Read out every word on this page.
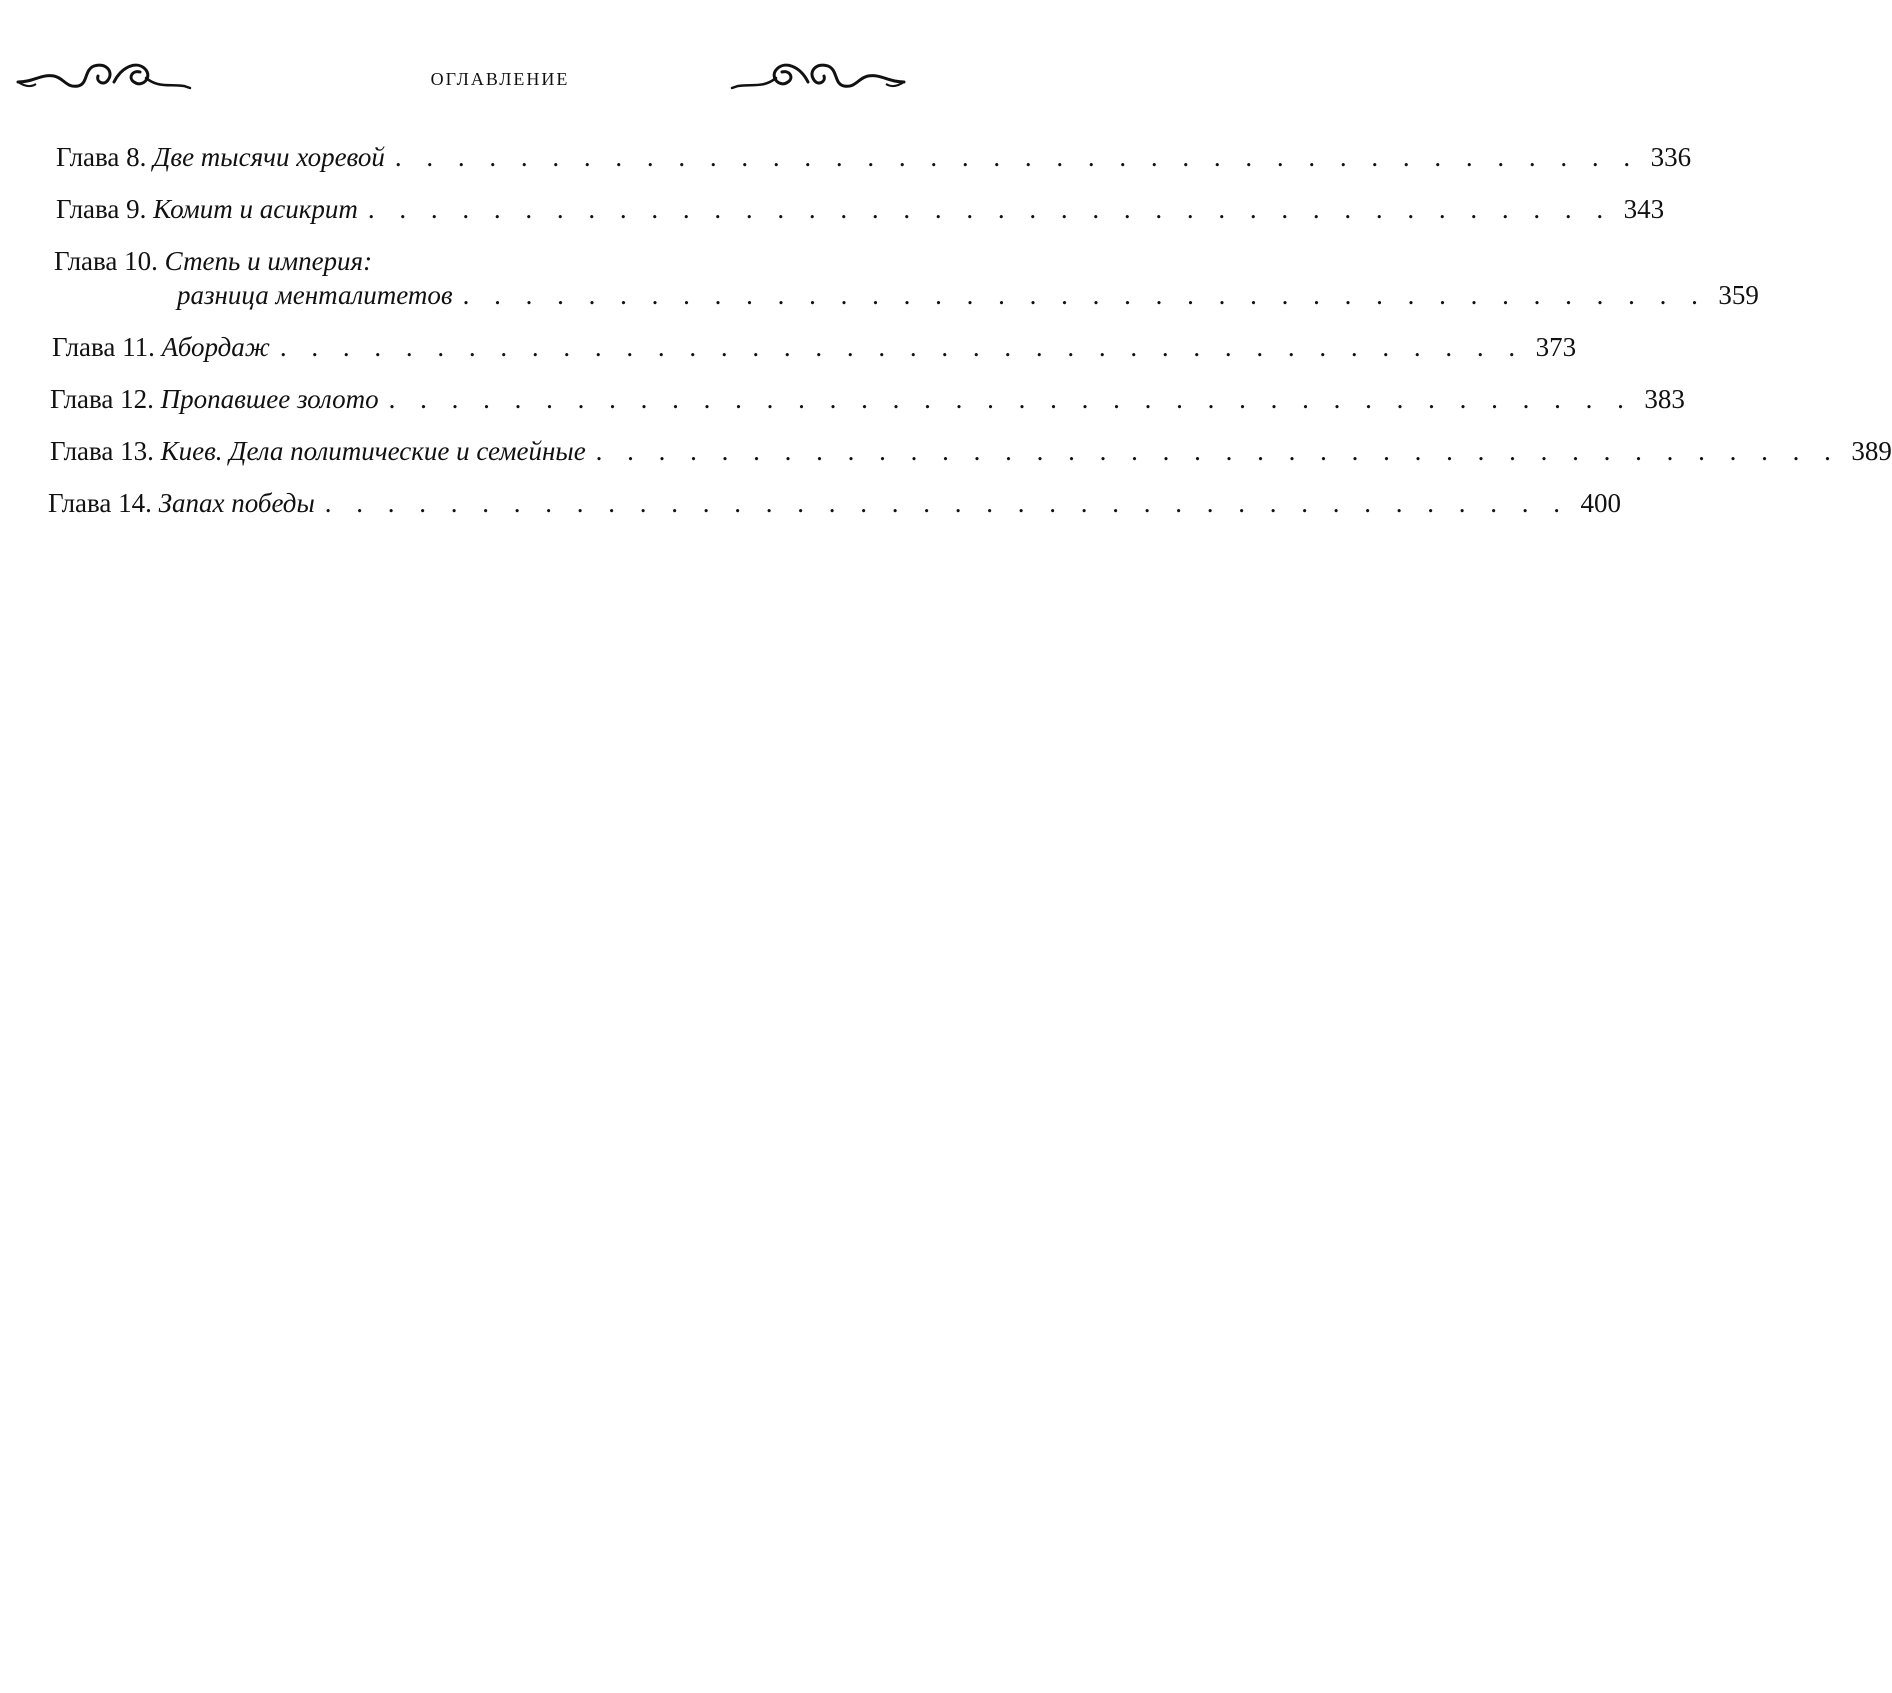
оглавление
Глава 8.
Две тысячи хоревой . . . . . . . . . . . . . . . . . . . . . . . . . . . . . . . . . . . . . . . . 336
Глава 9.
Комит и асикрит . . . . . . . . . . . . . . . . . . . . . . . . . . . . . . . . . . . . . . . . 343
Глава 10.
Степь и империя:
разница менталитетов . . . . . . . . . . . . . . . . . . . . . . . . . . . . . . . . . . . . . . . . 359
Глава 11.
Абордаж . . . . . . . . . . . . . . . . . . . . . . . . . . . . . . . . . . . . . . . . 373
Глава 12.
Пропавшее золото . . . . . . . . . . . . . . . . . . . . . . . . . . . . . . . . . . . . . . . . 383
Глава 13.
Киев. Дела политические и семейные . . . . . . . . . . . . . . . . . . . . . . . . . . . . . . . . . . . . . . . . 389
Глава 14.
Запах победы . . . . . . . . . . . . . . . . . . . . . . . . . . . . . . . . . . . . . . . . 400
